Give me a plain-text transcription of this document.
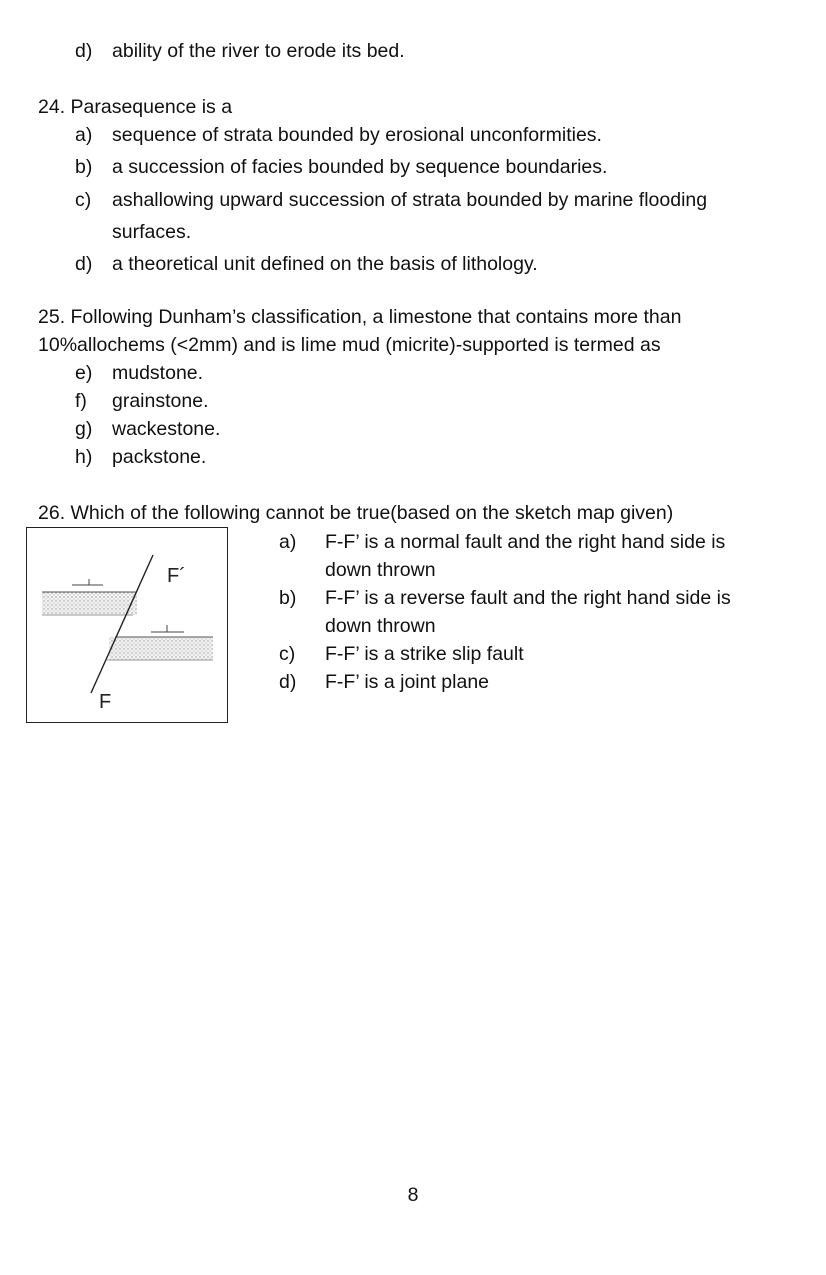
d) ability of the river to erode its bed.
24. Parasequence is a
a) sequence of strata bounded by erosional unconformities.
b) a succession of facies bounded by sequence boundaries.
c) ashallowing upward succession of strata bounded by marine flooding
surfaces.
d) a theoretical unit defined on the basis of lithology.
25. Following Dunham’s classification, a limestone that contains more than
10%allochems (<2mm) and is lime mud (micrite)-supported is termed as
e) mudstone.
f) grainstone.
g) wackestone.
h) packstone.
26. Which of the following cannot be true(based on the sketch map given)
F´
F
a) F-F’ is a normal fault and the right hand side is
down thrown
b) F-F’ is a reverse fault and the right hand side is
down thrown
c) F-F’ is a strike slip fault
d) F-F’ is a joint plane
8
